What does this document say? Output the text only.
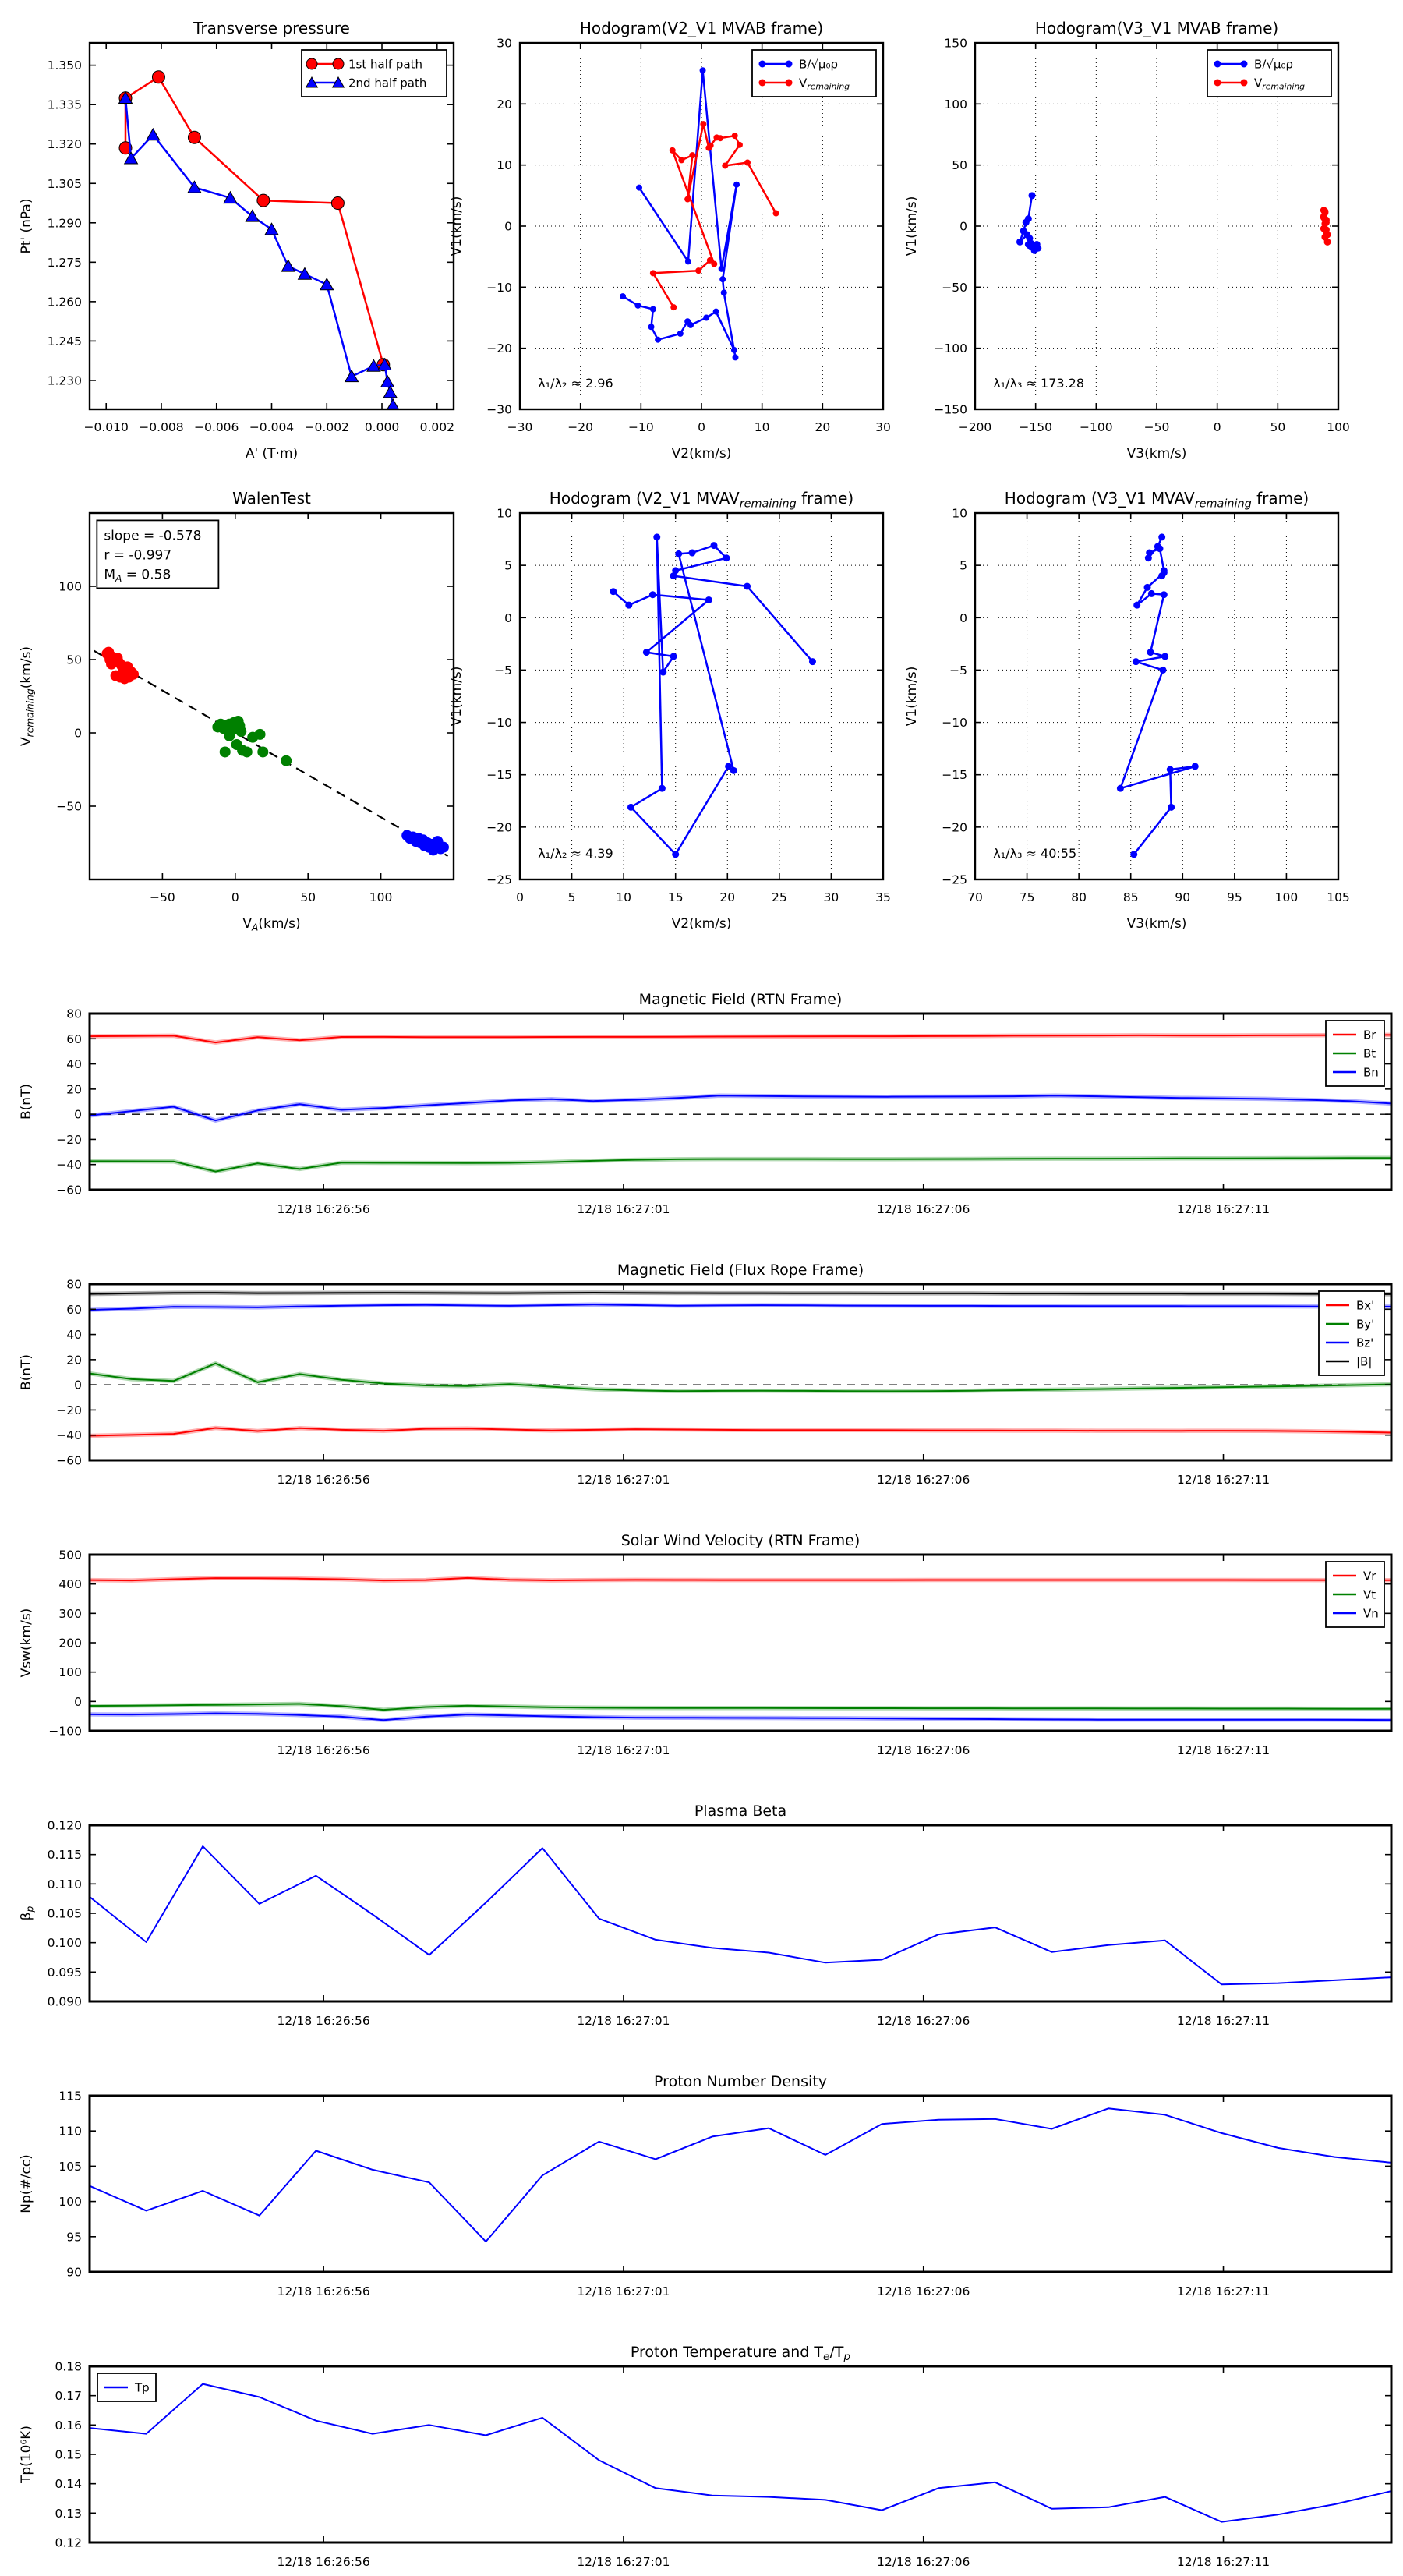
−0.010 −0.008 −0.006 −0.004 −0.002 0.000 0.002
1.230
1.245
1.260
1.275
1.290
1.305
1.320
1.335
1.350
Transverse pressure
A' (T·m)
Pt' (nPa)
1st half path
2nd half path
−30	−20	−10	0	10	20	30
−30
−20
−10
0
10
20
30
Hodogram(V2_V1 MVAB frame)
V2(km/s)
V1(km/s)
B/√μ₀ρ
$V_{remaining}$
λ₁/λ₂ ≈ 2.96
−200 −150 −100	−50	0	50	100
−150
−100
−50
0
50
100
150
Hodogram(V3_V1 MVAB frame)
V3(km/s)
V1(km/s)
B/√μ₀ρ
$V_{remaining}$
λ₁/λ₃ ≈ 173.28
−50	0	50	100
−50
0
50
100
WalenTest
$V_A(km/s)$
$V_{remaining}(km/s)$
slope = -0.578
r = -0.997
$M_A = 0.58$
0	5	10	15	20	25	30	35
−25
−20
−15
−10
−5
0
5
10
Hodogram (V2_V1 $MVAV_{remaining}$ frame)
V2(km/s)
V1(km/s)
λ₁/λ₂ ≈ 4.39
70	75	80	85	90	95	100 105
−25
−20
−15
−10
−5
0
5
10
Hodogram (V3_V1 $MVAV_{remaining}$ frame)
V3(km/s)
V1(km/s)
λ₁/λ₃ ≈ 40:55
12/18 16:26:56	12/18 16:27:01	12/18 16:27:06	12/18 16:27:11
−60
−40
−20
0
20
40
60
80
Magnetic Field (RTN Frame)
B(nT)
Br
Bt
Bn
12/18 16:26:56	12/18 16:27:01	12/18 16:27:06	12/18 16:27:11
−60
−40
−20
0
20
40
60
80
Magnetic Field (Flux Rope Frame)
B(nT)
Bx'
By'
Bz'
|B|
12/18 16:26:56	12/18 16:27:01	12/18 16:27:06	12/18 16:27:11
−100
0
100
200
300
400
500
Solar Wind Velocity (RTN Frame)
Vsw(km/s)
Vr
Vt
Vn
12/18 16:26:56	12/18 16:27:01	12/18 16:27:06	12/18 16:27:11
0.090
0.095
0.100
0.105
0.110
0.115
0.120
Plasma Beta
$\beta_p$
12/18 16:26:56	12/18 16:27:01	12/18 16:27:06	12/18 16:27:11
90
95
100
105
110
115
Proton Number Density
Np(#/cc)
12/18 16:26:56	12/18 16:27:01	12/18 16:27:06	12/18 16:27:11
0.12
0.13
0.14
0.15
0.16
0.17
0.18
Proton Temperature and $T_e/T_p$
Tp(10⁶K)
Tp
